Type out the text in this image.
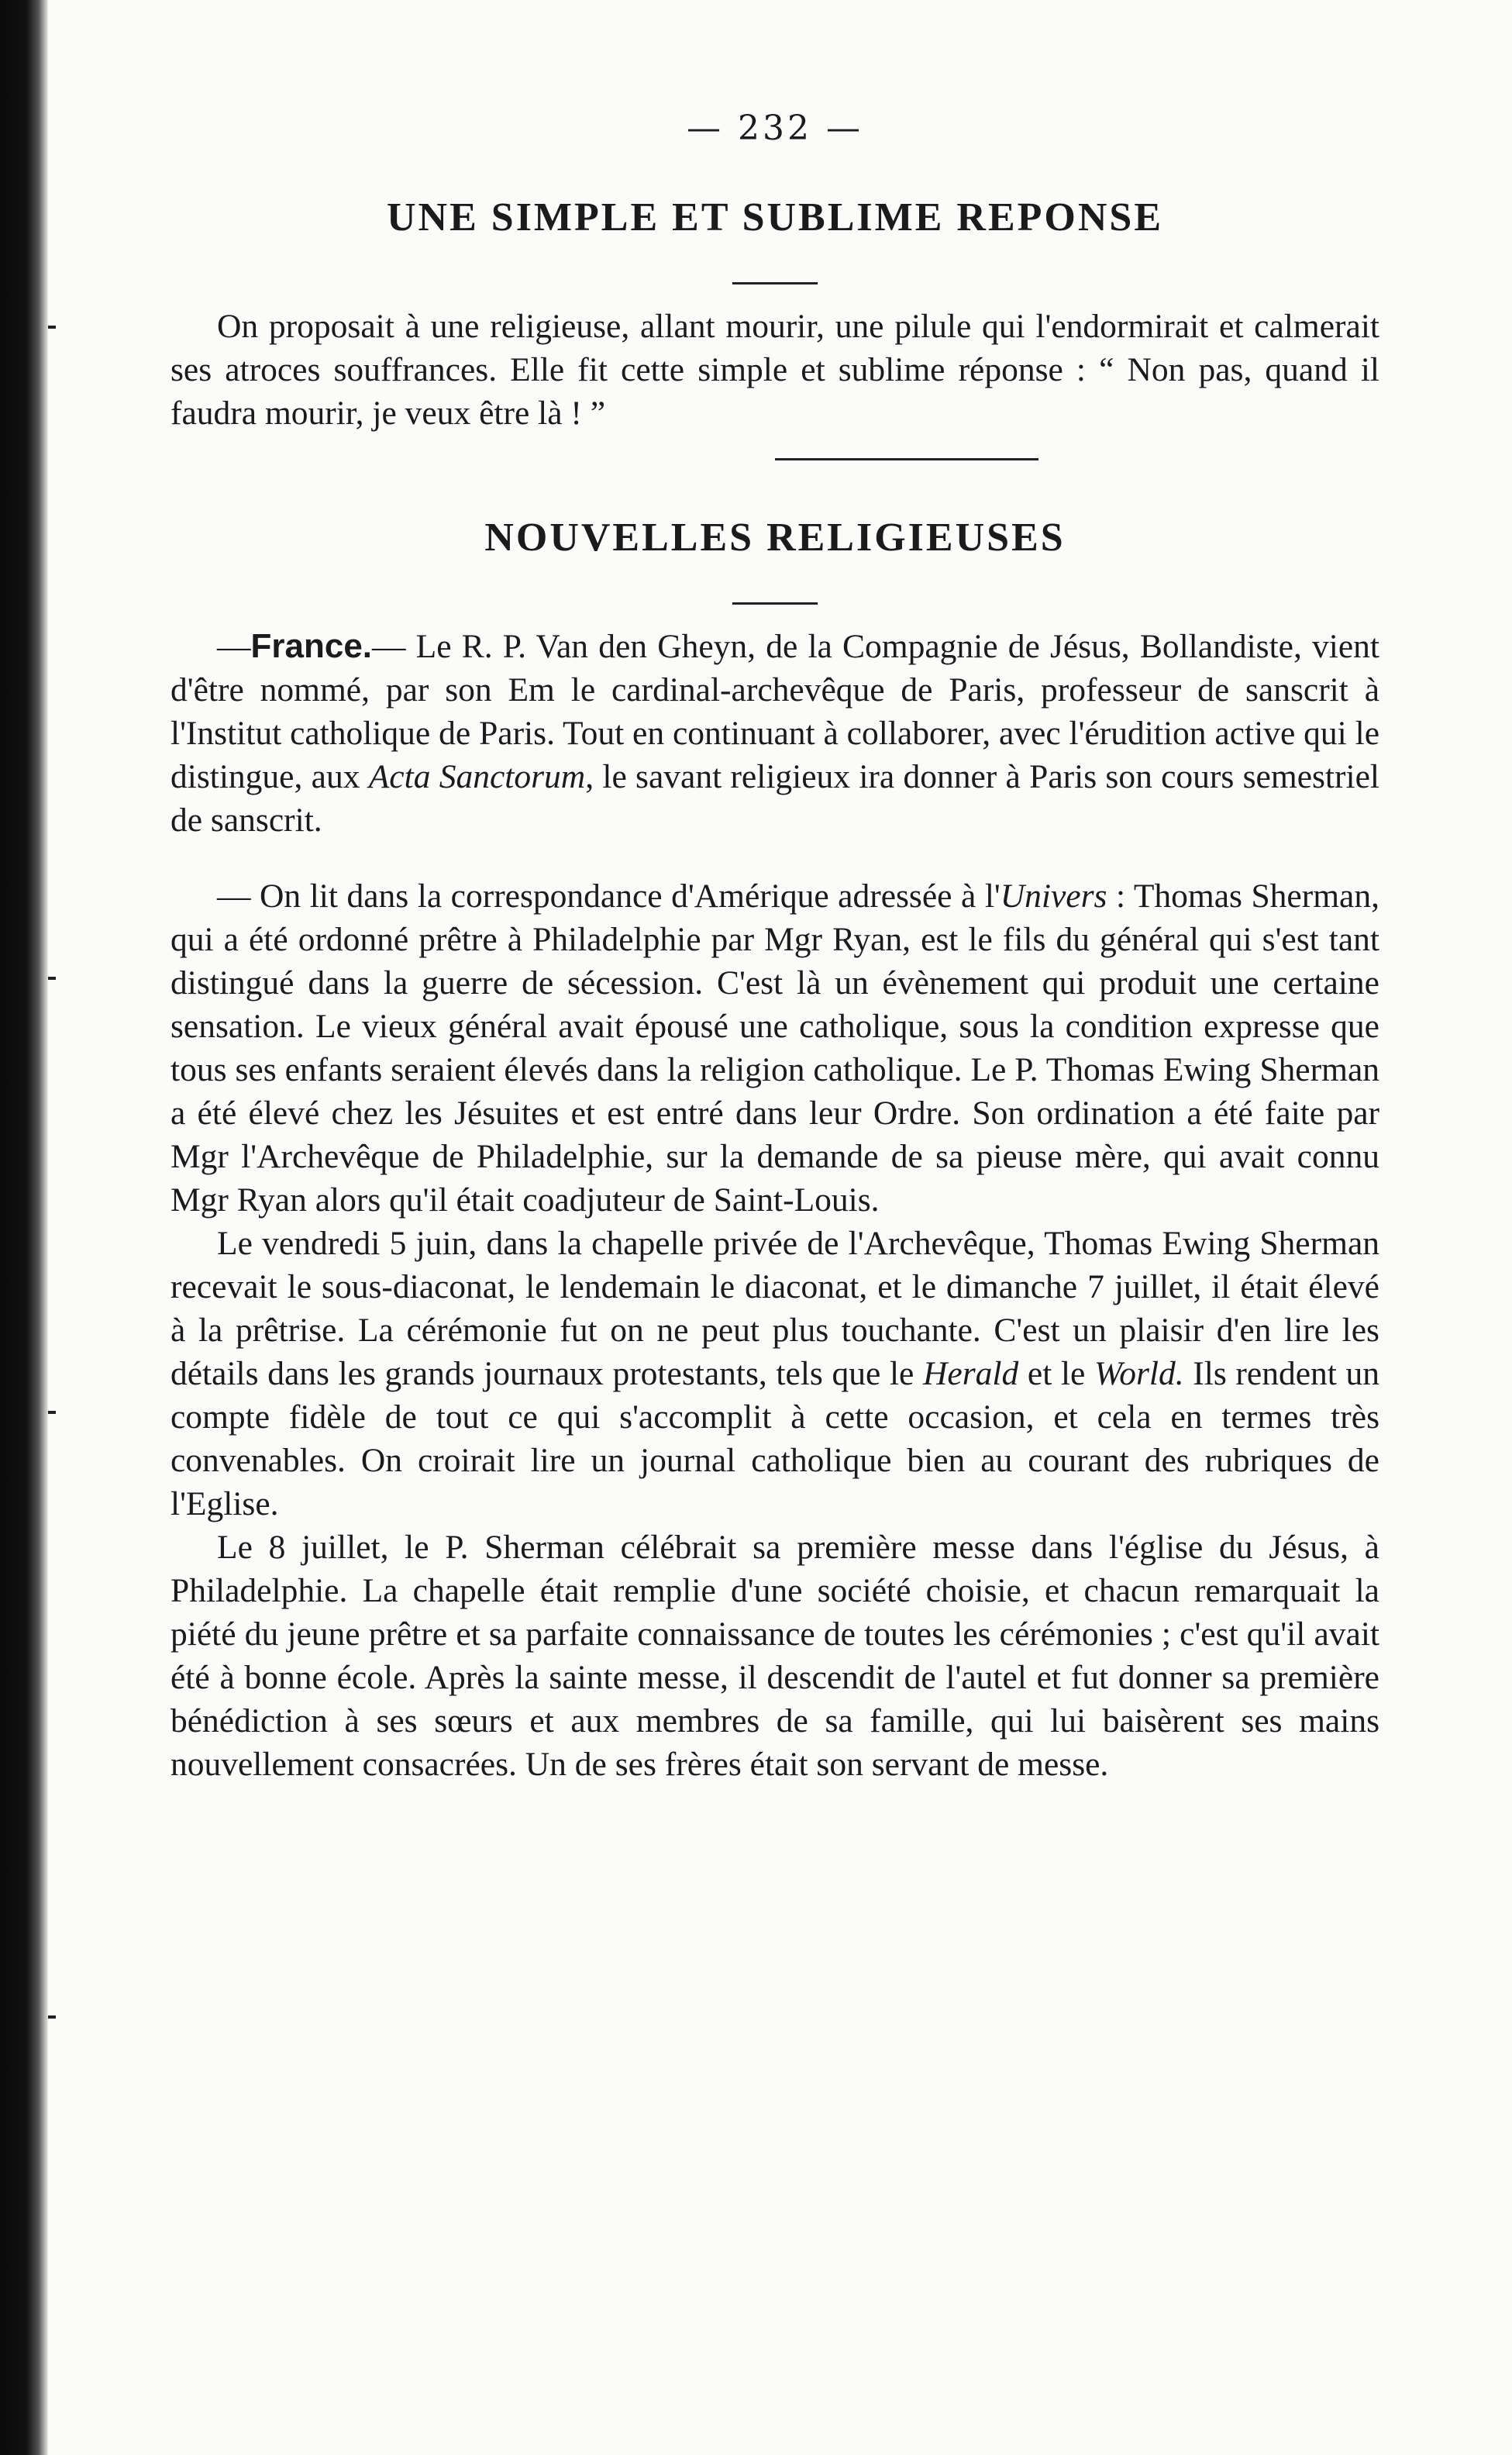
— 232 —
UNE SIMPLE ET SUBLIME REPONSE

On proposait à une religieuse, allant mourir, une pilule qui l'endormirait et calmerait ses atroces souffrances. Elle fit cette simple et sublime réponse : “ Non pas, quand il faudra mourir, je veux être là ! ”

NOUVELLES RELIGIEUSES

—France.— Le R. P. Van den Gheyn, de la Compagnie de Jésus, Bollandiste, vient d'être nommé, par son Em le cardinal-archevêque de Paris, professeur de sanscrit à l'Institut catholique de Paris. Tout en continuant à collaborer, avec l'érudition active qui le distingue, aux Acta Sanctorum, le savant religieux ira donner à Paris son cours semestriel de sanscrit.

— On lit dans la correspondance d'Amérique adressée à l'Univers : Thomas Sherman, qui a été ordonné prêtre à Philadelphie par Mgr Ryan, est le fils du général qui s'est tant distingué dans la guerre de sécession. C'est là un évènement qui produit une certaine sensation. Le vieux général avait épousé une catholique, sous la condition expresse que tous ses enfants seraient élevés dans la religion catholique. Le P. Thomas Ewing Sherman a été élevé chez les Jésuites et est entré dans leur Ordre. Son ordination a été faite par Mgr l'Archevêque de Philadelphie, sur la demande de sa pieuse mère, qui avait connu Mgr Ryan alors qu'il était coadjuteur de Saint-Louis.

Le vendredi 5 juin, dans la chapelle privée de l'Archevêque, Thomas Ewing Sherman recevait le sous-diaconat, le lendemain le diaconat, et le dimanche 7 juillet, il était élevé à la prêtrise. La cérémonie fut on ne peut plus touchante. C'est un plaisir d'en lire les détails dans les grands journaux protestants, tels que le Herald et le World. Ils rendent un compte fidèle de tout ce qui s'accomplit à cette occasion, et cela en termes très convenables. On croirait lire un journal catholique bien au courant des rubriques de l'Eglise.

Le 8 juillet, le P. Sherman célébrait sa première messe dans l'église du Jésus, à Philadelphie. La chapelle était remplie d'une société choisie, et chacun remarquait la piété du jeune prêtre et sa parfaite connaissance de toutes les cérémonies ; c'est qu'il avait été à bonne école. Après la sainte messe, il descendit de l'autel et fut donner sa première bénédiction à ses sœurs et aux membres de sa famille, qui lui baisèrent ses mains nouvellement consacrées. Un de ses frères était son servant de messe.
